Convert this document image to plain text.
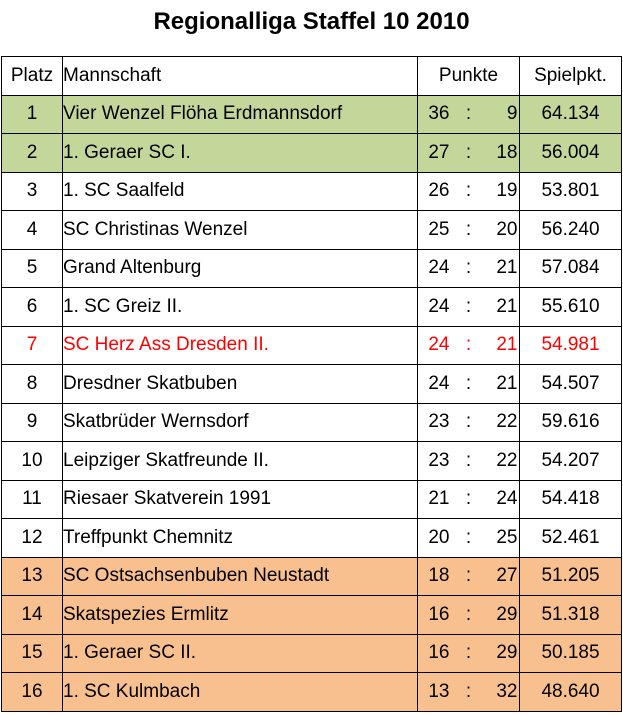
Regionalliga Staffel 10 2010
Platz	Mannschaft	Punkte	Spielpkt.
1	Vier Wenzel Flöha Erdmannsdorf	36 : 9	64.134
2	1. Geraer SC I.	27 : 18	56.004
3	1. SC Saalfeld	26 : 19	53.801
4	SC Christinas Wenzel	25 : 20	56.240
5	Grand Altenburg	24 : 21	57.084
6	1. SC Greiz II.	24 : 21	55.610
7	SC Herz Ass Dresden II.	24 : 21	54.981
8	Dresdner Skatbuben	24 : 21	54.507
9	Skatbrüder Wernsdorf	23 : 22	59.616
10	Leipziger Skatfreunde II.	23 : 22	54.207
11	Riesaer Skatverein 1991	21 : 24	54.418
12	Treffpunkt Chemnitz	20 : 25	52.461
13	SC Ostsachsenbuben Neustadt	18 : 27	51.205
14	Skatspezies Ermlitz	16 : 29	51.318
15	1. Geraer SC II.	16 : 29	50.185
16	1. SC Kulmbach	13 : 32	48.640
